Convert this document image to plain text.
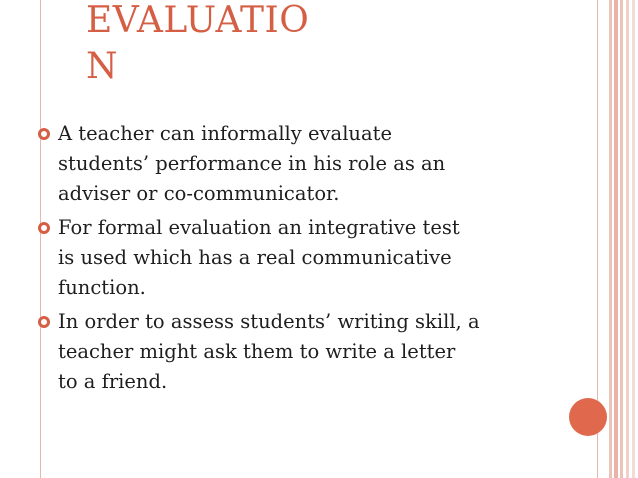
EVALUATIO
N
A teacher can informally evaluate
students’ performance in his role as an
adviser or co-communicator.
For formal evaluation an integrative test
is used which has a real communicative
function.
In order to assess students’ writing skill, a
teacher might ask them to write a letter
to a friend.
